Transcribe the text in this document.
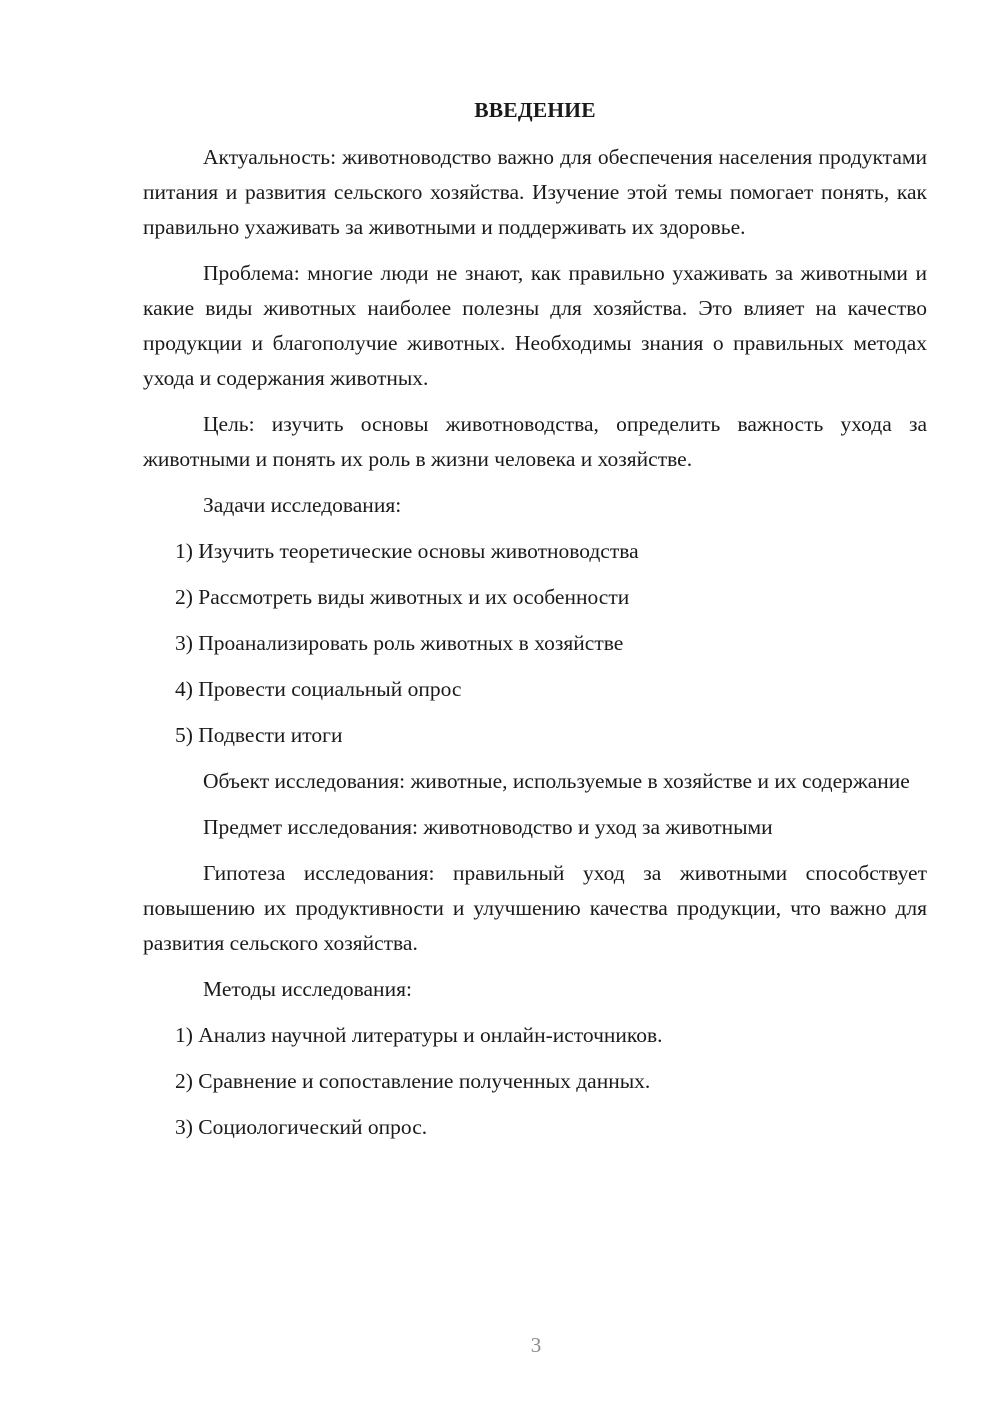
ВВЕДЕНИЕ
Актуальность: животноводство важно для обеспечения населения продуктами питания и развития сельского хозяйства. Изучение этой темы помогает понять, как правильно ухаживать за животными и поддерживать их здоровье.
Проблема: многие люди не знают, как правильно ухаживать за животными и какие виды животных наиболее полезны для хозяйства. Это влияет на качество продукции и благополучие животных. Необходимы знания о правильных методах ухода и содержания животных.
Цель: изучить основы животноводства, определить важность ухода за животными и понять их роль в жизни человека и хозяйстве.
Задачи исследования:
1) Изучить теоретические основы животноводства
2) Рассмотреть виды животных и их особенности
3) Проанализировать роль животных в хозяйстве
4) Провести социальный опрос
5) Подвести итоги
Объект исследования: животные, используемые в хозяйстве и их содержание
Предмет исследования: животноводство и уход за животными
Гипотеза исследования: правильный уход за животными способствует повышению их продуктивности и улучшению качества продукции, что важно для развития сельского хозяйства.
Методы исследования:
1) Анализ научной литературы и онлайн-источников.
2) Сравнение и сопоставление полученных данных.
3) Социологический опрос.
3
